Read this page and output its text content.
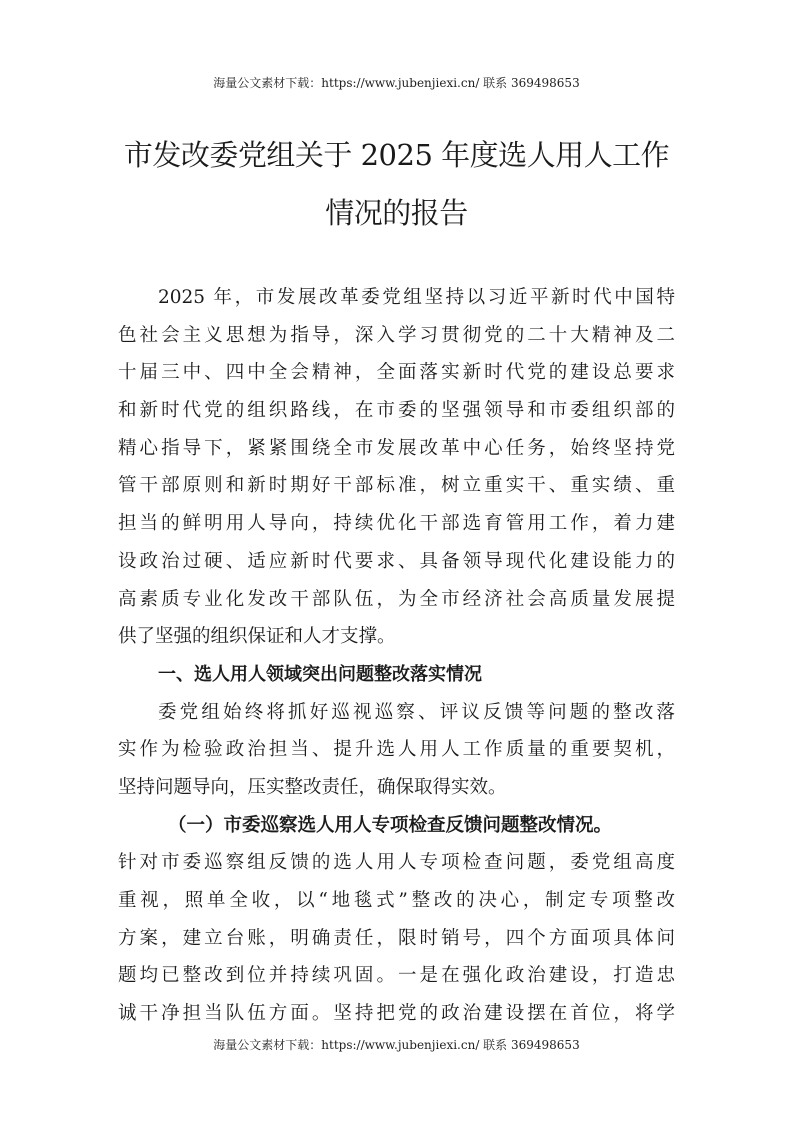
海量公文素材下载：https://www.jubenjiexi.cn/ 联系 369498653
市发改委党组关于 2025 年度选人用人工作
情况的报告
2025 年，市发展改革委党组坚持以习近平新时代中国特
色社会主义思想为指导，深入学习贯彻党的二十大精神及二
十届三中、四中全会精神，全面落实新时代党的建设总要求
和新时代党的组织路线，在市委的坚强领导和市委组织部的
精心指导下，紧紧围绕全市发展改革中心任务，始终坚持党
管干部原则和新时期好干部标准，树立重实干、重实绩、重
担当的鲜明用人导向，持续优化干部选育管用工作，着力建
设政治过硬、适应新时代要求、具备领导现代化建设能力的
高素质专业化发改干部队伍，为全市经济社会高质量发展提
供了坚强的组织保证和人才支撑。
一、选人用人领域突出问题整改落实情况
委党组始终将抓好巡视巡察、评议反馈等问题的整改落
实作为检验政治担当、提升选人用人工作质量的重要契机，
坚持问题导向，压实整改责任，确保取得实效。
（一）市委巡察选人用人专项检查反馈问题整改情况。
针对市委巡察组反馈的选人用人专项检查问题，委党组高度
重视，照单全收，以“地毯式”整改的决心，制定专项整改
方案，建立台账，明确责任，限时销号，四个方面项具体问
题均已整改到位并持续巩固。一是在强化政治建设，打造忠
诚干净担当队伍方面。坚持把党的政治建设摆在首位，将学
海量公文素材下载：https://www.jubenjiexi.cn/ 联系 369498653
